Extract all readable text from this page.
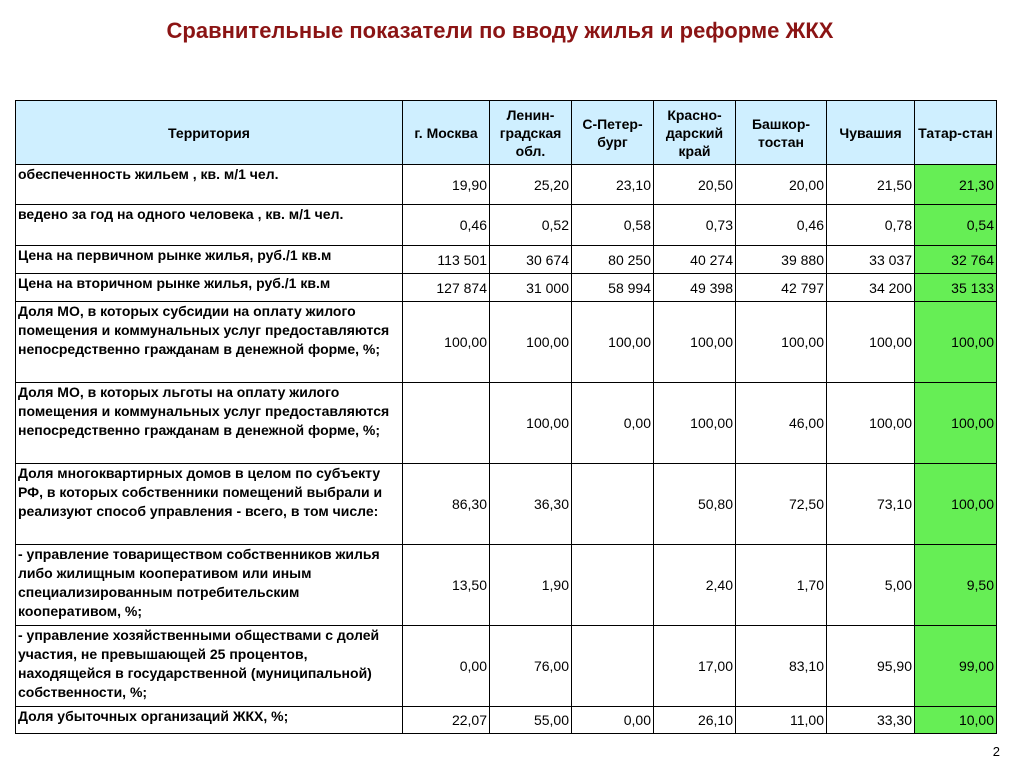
Сравнительные показатели по вводу жилья и реформе ЖКХ
Территория	г. Москва	Ленин-градская обл.	С-Петер-бург	Красно-дарский край	Башкор-тостан	Чувашия	Татар-стан
обеспеченность жильем , кв. м/1 чел.	19,90	25,20	23,10	20,50	20,00	21,50	21,30
ведено за год на одного человека , кв. м/1 чел.	0,46	0,52	0,58	0,73	0,46	0,78	0,54
Цена на первичном рынке жилья, руб./1 кв.м	113 501	30 674	80 250	40 274	39 880	33 037	32 764
Цена на вторичном рынке жилья, руб./1 кв.м	127 874	31 000	58 994	49 398	42 797	34 200	35 133
Доля МО, в которых субсидии на оплату жилого помещения и коммунальных услуг предоставляются непосредственно гражданам в денежной форме, %;	100,00	100,00	100,00	100,00	100,00	100,00	100,00
Доля МО, в которых льготы на оплату жилого помещения и коммунальных услуг предоставляются непосредственно гражданам в денежной форме, %;		100,00	0,00	100,00	46,00	100,00	100,00
Доля многоквартирных домов в целом по субъекту РФ, в которых собственники помещений выбрали и реализуют способ управления - всего, в том числе:	86,30	36,30		50,80	72,50	73,10	100,00
- управление товариществом собственников жилья либо жилищным кооперативом или иным специализированным потребительским кооперативом, %;	13,50	1,90		2,40	1,70	5,00	9,50
- управление хозяйственными обществами с долей участия, не превышающей 25 процентов, находящейся в государственной (муниципальной) собственности, %;	0,00	76,00		17,00	83,10	95,90	99,00
Доля убыточных организаций ЖКХ, %;	22,07	55,00	0,00	26,10	11,00	33,30	10,00
2
